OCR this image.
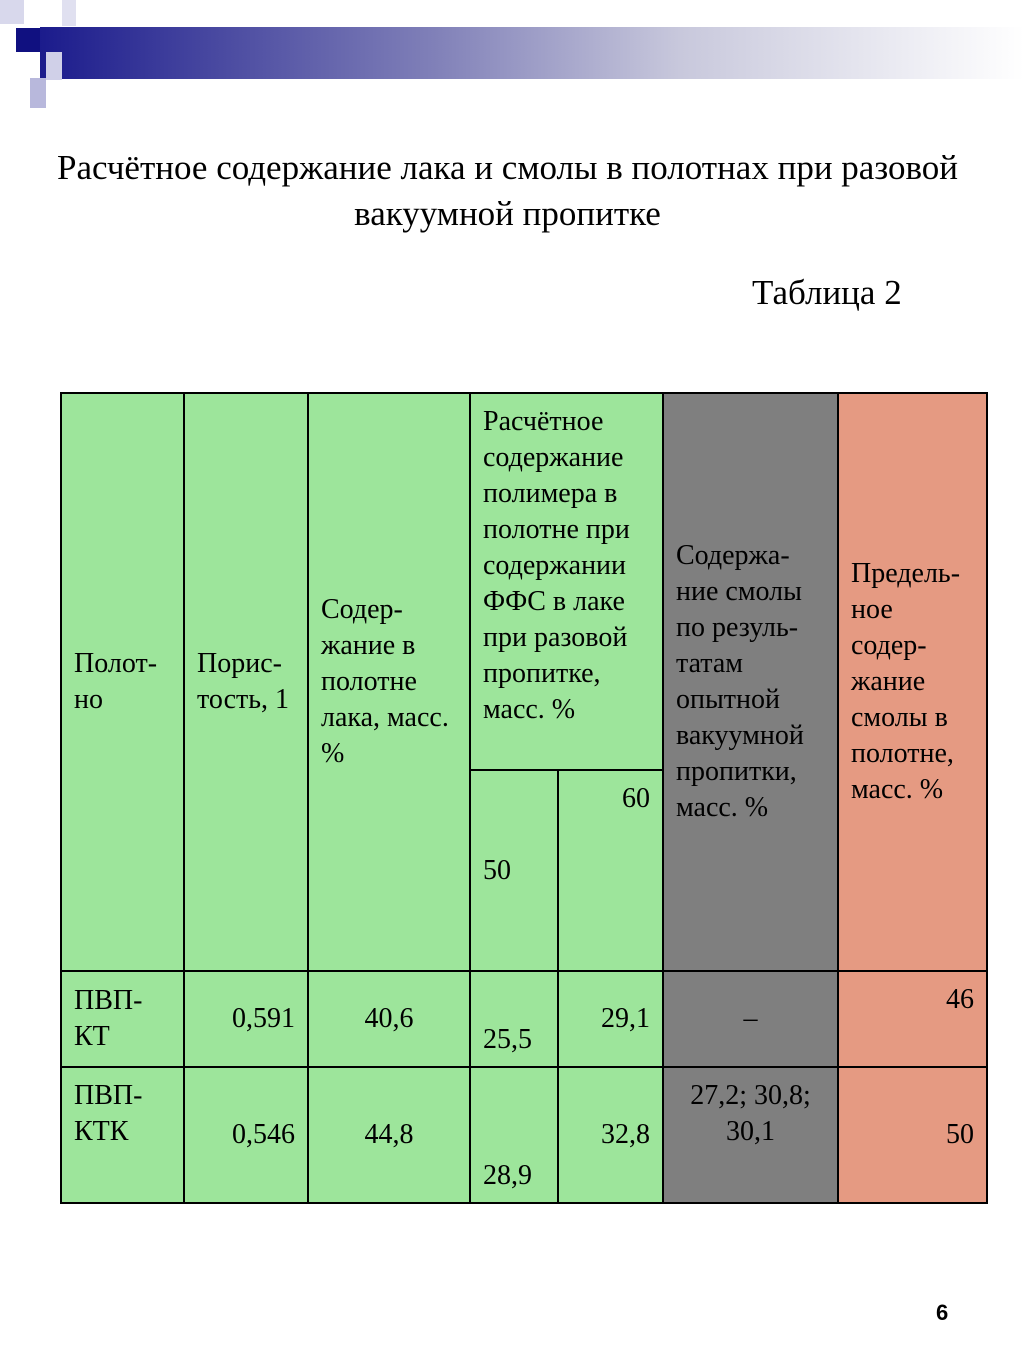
Расчётное содержание лака и смолы в полотнах при разовой вакуумной пропитке
Таблица 2
Полот-но	Порис-тость, 1	Содер-жание в полотне лака, масс. %	Расчётное содержание полимера в полотне при содержании ФФС в лаке при разовой пропитке, масс. %		Содержа-ние смолы по резуль-татам опытной вакуумной пропитки, масс. %	Предель-ное содер-жание смолы в полотне, масс. %
			50	60		
ПВП-КТ	0,591	40,6	25,5	29,1	–	46
ПВП-КТК	0,546	44,8	28,9	32,8	27,2; 30,8; 30,1	50
6
